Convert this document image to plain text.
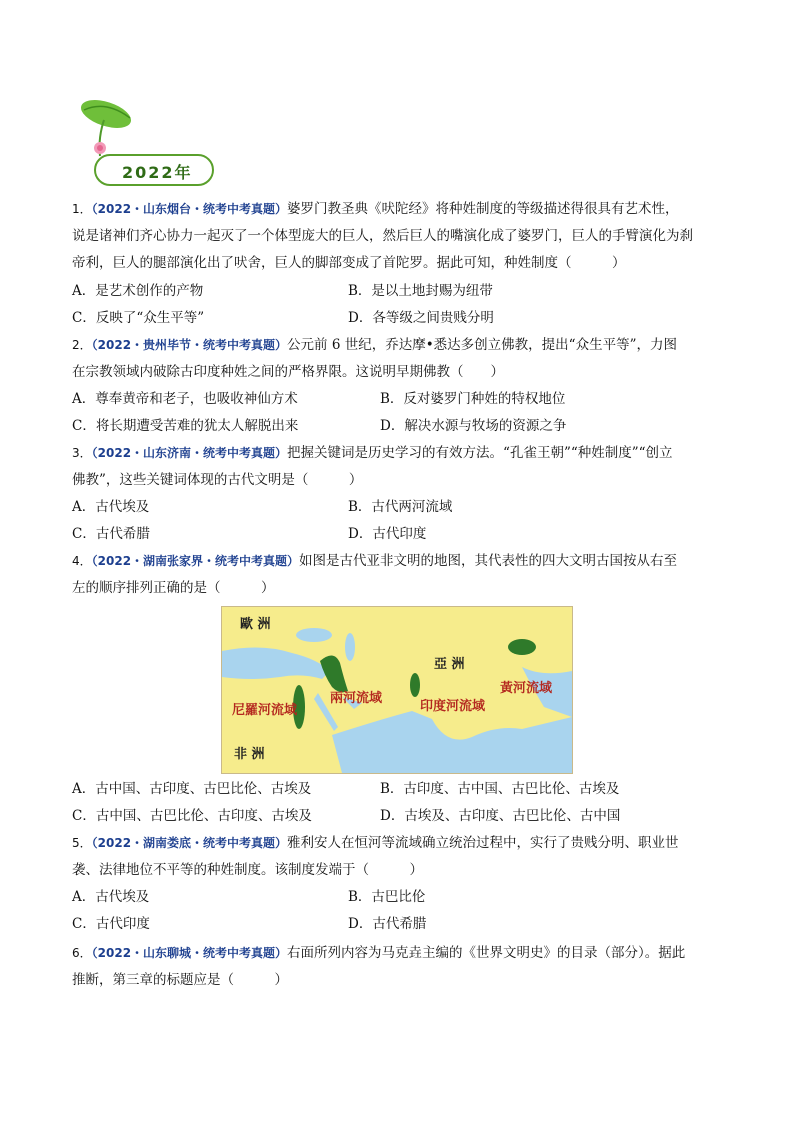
2022年
1．（2022・山东烟台・统考中考真题）婆罗门教圣典《吠陀经》将种姓制度的等级描述得很具有艺术性，
说是诸神们齐心协力一起灭了一个体型庞大的巨人，然后巨人的嘴演化成了婆罗门，巨人的手臂演化为刹
帝利，巨人的腿部演化出了吠舍，巨人的脚部变成了首陀罗。据此可知，种姓制度（　　　）
A．是艺术创作的产物	B．是以土地封赐为纽带
C．反映了“众生平等”	D．各等级之间贵贱分明
2．（2022・贵州毕节・统考中考真题）公元前 6 世纪，乔达摩•悉达多创立佛教，提出“众生平等”，力图
在宗教领域内破除古印度种姓之间的严格界限。这说明早期佛教（　　）
A．尊奉黄帝和老子，也吸收神仙方术	B．反对婆罗门种姓的特权地位
C．将长期遭受苦难的犹太人解脱出来	D．解决水源与牧场的资源之争
3．（2022・山东济南・统考中考真题）把握关键词是历史学习的有效方法。“孔雀王朝”“种姓制度”“创立
佛教”，这些关键词体现的古代文明是（　　　）
A．古代埃及	B．古代两河流域
C．古代希腊	D．古代印度
4．（2022・湖南张家界・统考中考真题）如图是古代亚非文明的地图，其代表性的四大文明古国按从右至
左的顺序排列正确的是（　　　）
歐 洲
亞 洲
非 洲
尼羅河流域
兩河流域
印度河流域
黃河流域
A．古中国、古印度、古巴比伦、古埃及	B．古印度、古中国、古巴比伦、古埃及
C．古中国、古巴比伦、古印度、古埃及	D．古埃及、古印度、古巴比伦、古中国
5．（2022・湖南娄底・统考中考真题）雅利安人在恒河等流域确立统治过程中，实行了贵贱分明、职业世
袭、法律地位不平等的种姓制度。该制度发端于（　　　）
A．古代埃及	B．古巴比伦
C．古代印度	D．古代希腊
6．（2022・山东聊城・统考中考真题）右面所列内容为马克垚主编的《世界文明史》的目录（部分）。据此
推断，第三章的标题应是（　　　）
